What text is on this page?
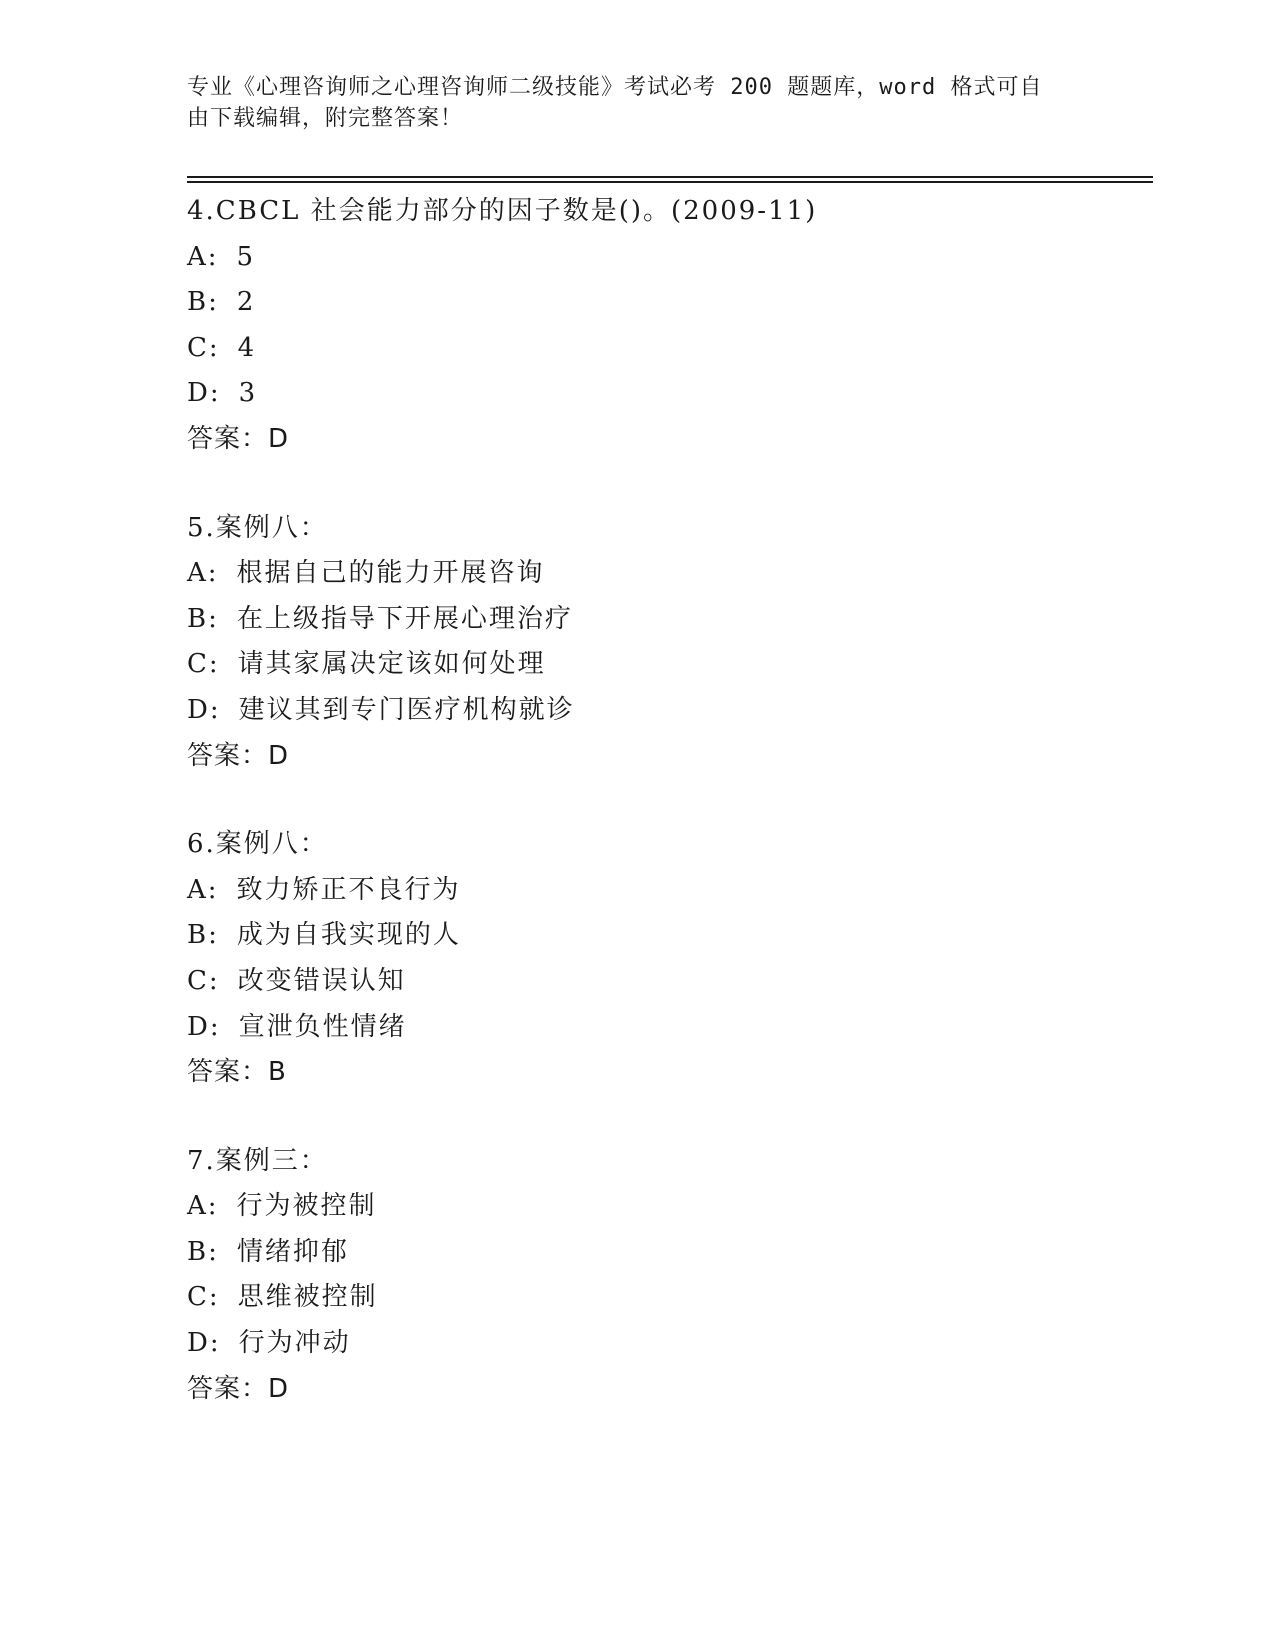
专业《心理咨询师之心理咨询师二级技能》考试必考 200 题题库，word 格式可自
由下载编辑，附完整答案！
4.CBCL 社会能力部分的因子数是()。(2009-11)
A: 5
B: 2
C: 4
D: 3
答案：D
5.案例八：
A: 根据自己的能力开展咨询
B: 在上级指导下开展心理治疗
C: 请其家属决定该如何处理
D: 建议其到专门医疗机构就诊
答案：D
6.案例八：
A: 致力矫正不良行为
B: 成为自我实现的人
C: 改变错误认知
D: 宣泄负性情绪
答案：B
7.案例三：
A: 行为被控制
B: 情绪抑郁
C: 思维被控制
D: 行为冲动
答案：D
